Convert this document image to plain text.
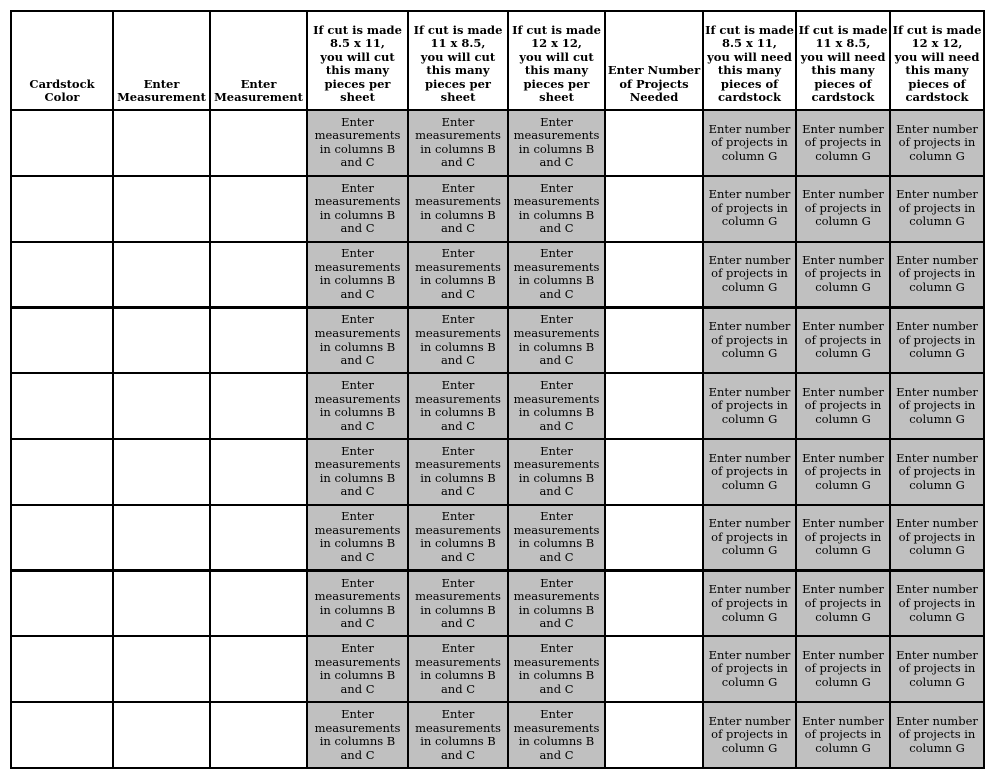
Cardstock
Color	Enter
Measurement	Enter
Measurement	If cut is made
8.5 x 11,
you will cut
this many
pieces per
sheet	If cut is made
11 x 8.5,
you will cut
this many
pieces per
sheet	If cut is made
12 x 12,
you will cut
this many
pieces per
sheet	Enter Number
of Projects
Needed	If cut is made
8.5 x 11,
you will need
this many
pieces of
cardstock	If cut is made
11 x 8.5,
you will need
this many
pieces of
cardstock	If cut is made
12 x 12,
you will need
this many
pieces of
cardstock
			Enter
measurements
in columns B
and C	Enter
measurements
in columns B
and C	Enter
measurements
in columns B
and C		Enter number
of projects in
column G	Enter number
of projects in
column G	Enter number
of projects in
column G
			Enter
measurements
in columns B
and C	Enter
measurements
in columns B
and C	Enter
measurements
in columns B
and C		Enter number
of projects in
column G	Enter number
of projects in
column G	Enter number
of projects in
column G
			Enter
measurements
in columns B
and C	Enter
measurements
in columns B
and C	Enter
measurements
in columns B
and C		Enter number
of projects in
column G	Enter number
of projects in
column G	Enter number
of projects in
column G
			Enter
measurements
in columns B
and C	Enter
measurements
in columns B
and C	Enter
measurements
in columns B
and C		Enter number
of projects in
column G	Enter number
of projects in
column G	Enter number
of projects in
column G
			Enter
measurements
in columns B
and C	Enter
measurements
in columns B
and C	Enter
measurements
in columns B
and C		Enter number
of projects in
column G	Enter number
of projects in
column G	Enter number
of projects in
column G
			Enter
measurements
in columns B
and C	Enter
measurements
in columns B
and C	Enter
measurements
in columns B
and C		Enter number
of projects in
column G	Enter number
of projects in
column G	Enter number
of projects in
column G
			Enter
measurements
in columns B
and C	Enter
measurements
in columns B
and C	Enter
measurements
in columns B
and C		Enter number
of projects in
column G	Enter number
of projects in
column G	Enter number
of projects in
column G
			Enter
measurements
in columns B
and C	Enter
measurements
in columns B
and C	Enter
measurements
in columns B
and C		Enter number
of projects in
column G	Enter number
of projects in
column G	Enter number
of projects in
column G
			Enter
measurements
in columns B
and C	Enter
measurements
in columns B
and C	Enter
measurements
in columns B
and C		Enter number
of projects in
column G	Enter number
of projects in
column G	Enter number
of projects in
column G
			Enter
measurements
in columns B
and C	Enter
measurements
in columns B
and C	Enter
measurements
in columns B
and C		Enter number
of projects in
column G	Enter number
of projects in
column G	Enter number
of projects in
column G
